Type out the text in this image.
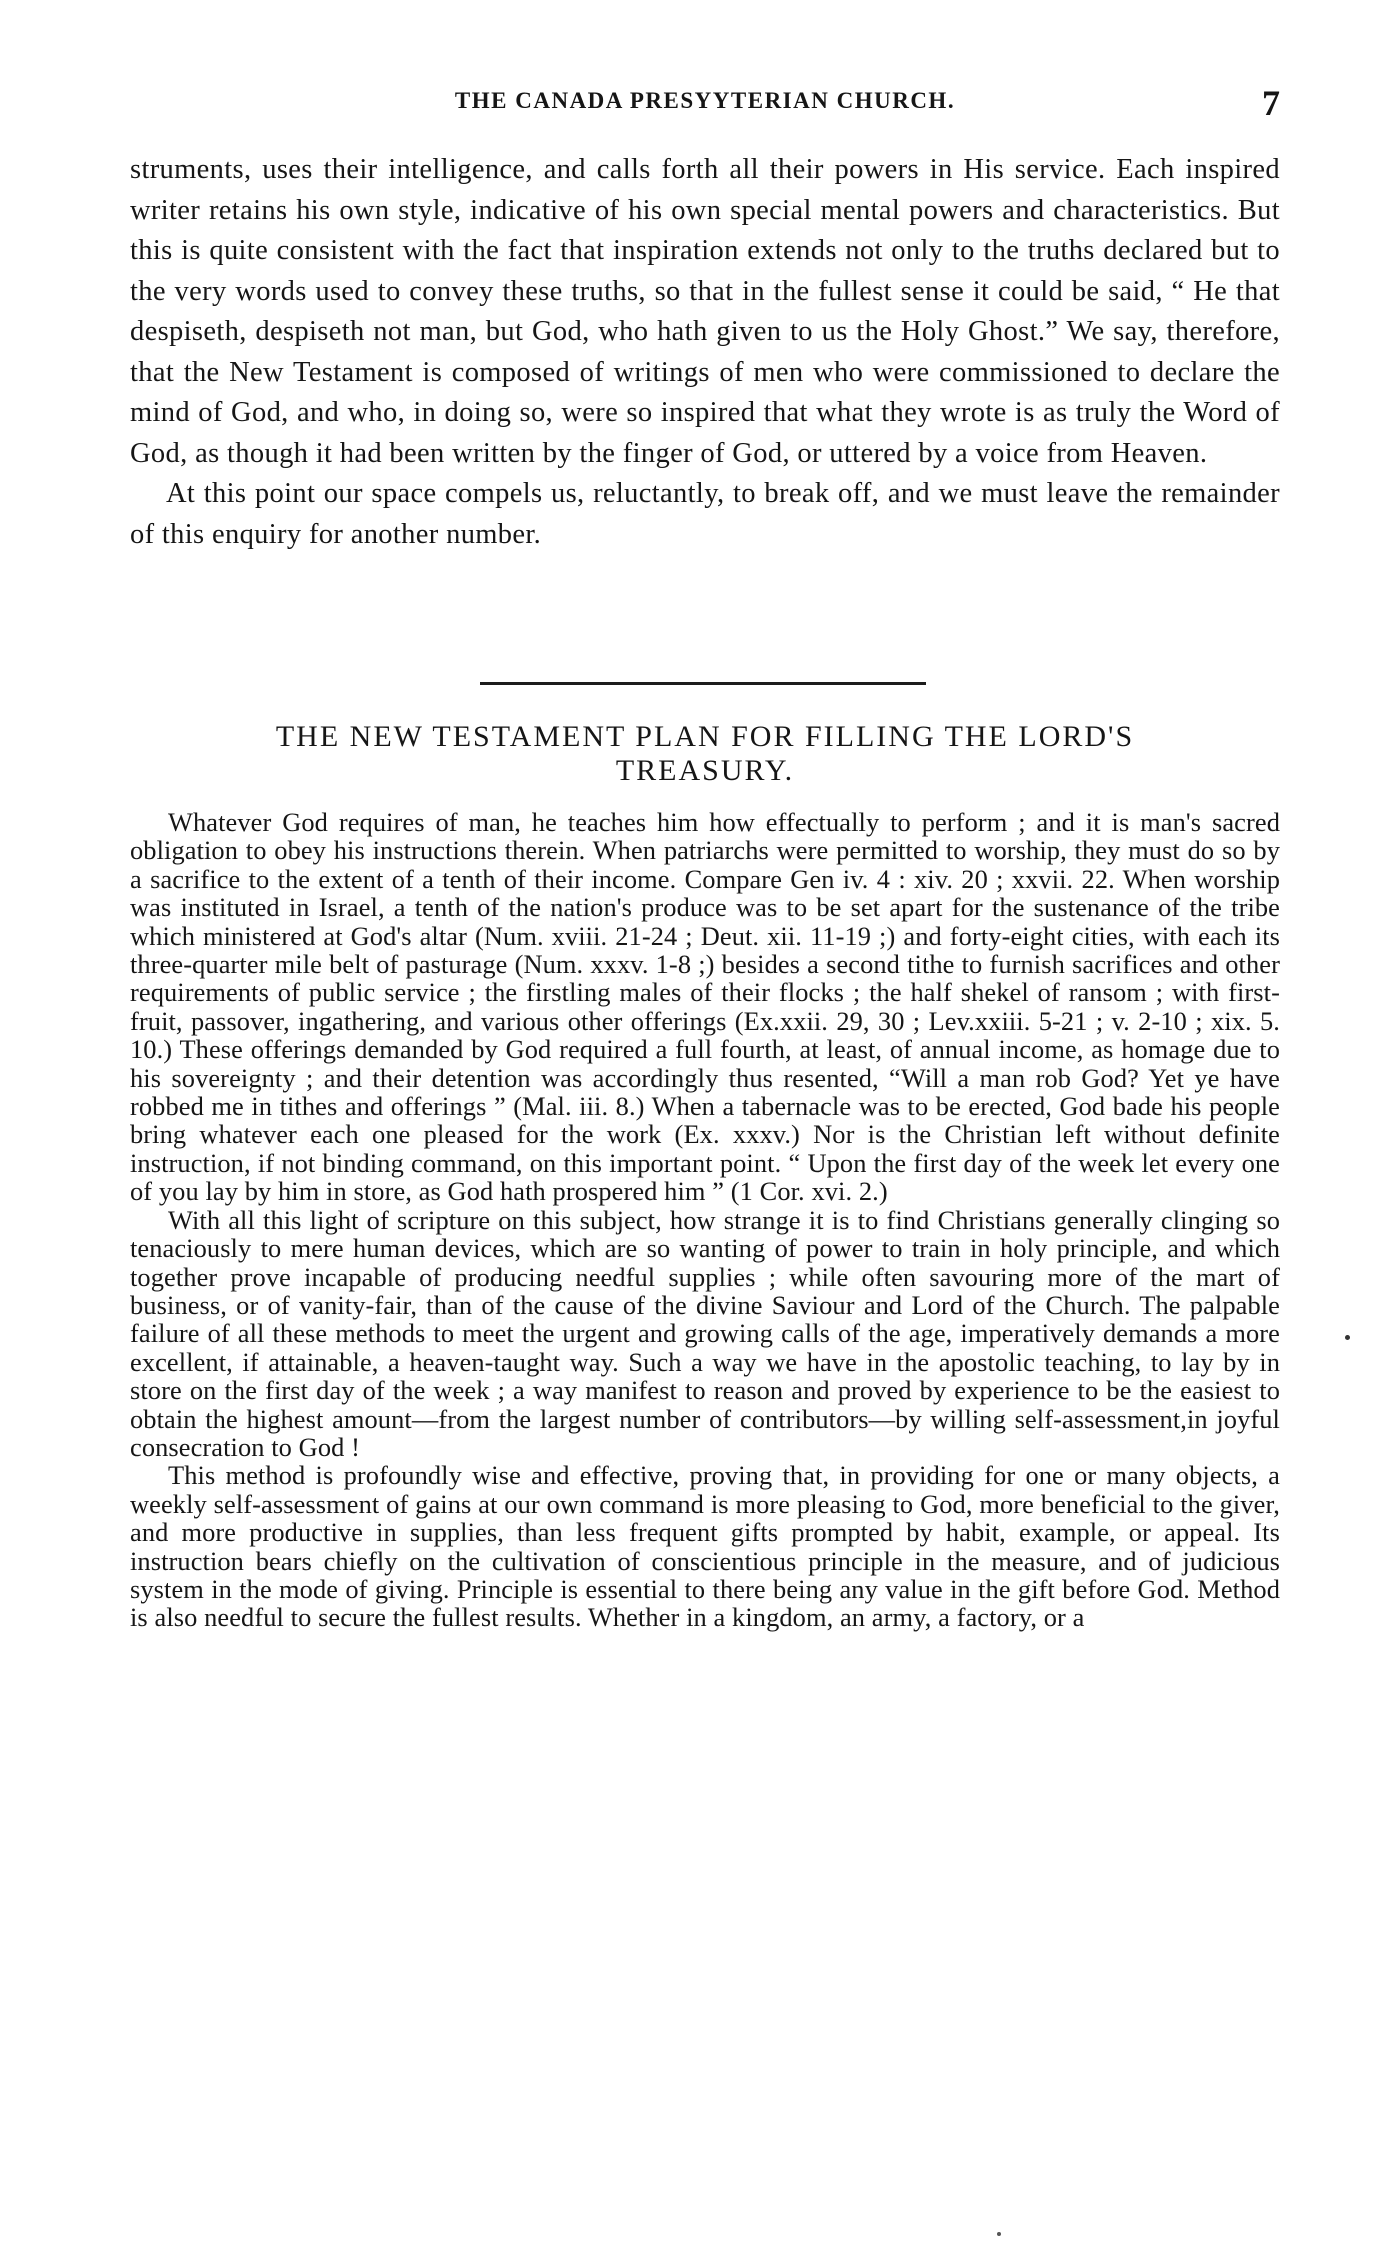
THE CANADA PRESYYTERIAN CHURCH.	7

struments, uses their intelligence, and calls forth all their powers in His service. Each inspired writer retains his own style, indicative of his own special mental powers and characteristics. But this is quite consistent with the fact that inspiration extends not only to the truths declared but to the very words used to convey these truths, so that in the fullest sense it could be said, “ He that despiseth, despiseth not man, but God, who hath given to us the Holy Ghost.” We say, therefore, that the New Testament is composed of writings of men who were commissioned to declare the mind of God, and who, in doing so, were so inspired that what they wrote is as truly the Word of God, as though it had been written by the finger of God, or uttered by a voice from Heaven.

At this point our space compels us, reluctantly, to break off, and we must leave the remainder of this enquiry for another number.

THE NEW TESTAMENT PLAN FOR FILLING THE LORD'S
TREASURY.

Whatever God requires of man, he teaches him how effectually to perform ; and it is man's sacred obligation to obey his instructions therein. When patriarchs were permitted to worship, they must do so by a sacrifice to the extent of a tenth of their income. Compare Gen iv. 4 : xiv. 20 ; xxvii. 22. When worship was instituted in Israel, a tenth of the nation's produce was to be set apart for the sustenance of the tribe which ministered at God's altar (Num. xviii. 21-24 ; Deut. xii. 11-19 ;) and forty-eight cities, with each its three-quarter mile belt of pasturage (Num. xxxv. 1-8 ;) besides a second tithe to furnish sacrifices and other requirements of public service ; the firstling males of their flocks ; the half shekel of ransom ; with first-fruit, passover, ingathering, and various other offerings (Ex.xxii. 29, 30 ; Lev.xxiii. 5-21 ; v. 2-10 ; xix. 5. 10.) These offerings demanded by God required a full fourth, at least, of annual income, as homage due to his sovereignty ; and their detention was accordingly thus resented, “Will a man rob God? Yet ye have robbed me in tithes and offerings ” (Mal. iii. 8.) When a tabernacle was to be erected, God bade his people bring whatever each one pleased for the work (Ex. xxxv.) Nor is the Christian left without definite instruction, if not binding command, on this important point. “ Upon the first day of the week let every one of you lay by him in store, as God hath prospered him ” (1 Cor. xvi. 2.)

With all this light of scripture on this subject, how strange it is to find Christians generally clinging so tenaciously to mere human devices, which are so wanting of power to train in holy principle, and which together prove incapable of producing needful supplies ; while often savouring more of the mart of business, or of vanity-fair, than of the cause of the divine Saviour and Lord of the Church. The palpable failure of all these methods to meet the urgent and growing calls of the age, imperatively demands a more excellent, if attainable, a heaven-taught way. Such a way we have in the apostolic teaching, to lay by in store on the first day of the week ; a way manifest to reason and proved by experience to be the easiest to obtain the highest amount—from the largest number of contributors—by willing self-assessment,in joyful consecration to God !

This method is profoundly wise and effective, proving that, in providing for one or many objects, a weekly self-assessment of gains at our own command is more pleasing to God, more beneficial to the giver, and more productive in supplies, than less frequent gifts prompted by habit, example, or appeal. Its instruction bears chiefly on the cultivation of conscientious principle in the measure, and of judicious system in the mode of giving. Principle is essential to there being any value in the gift before God. Method is also needful to secure the fullest results. Whether in a kingdom, an army, a factory, or a
